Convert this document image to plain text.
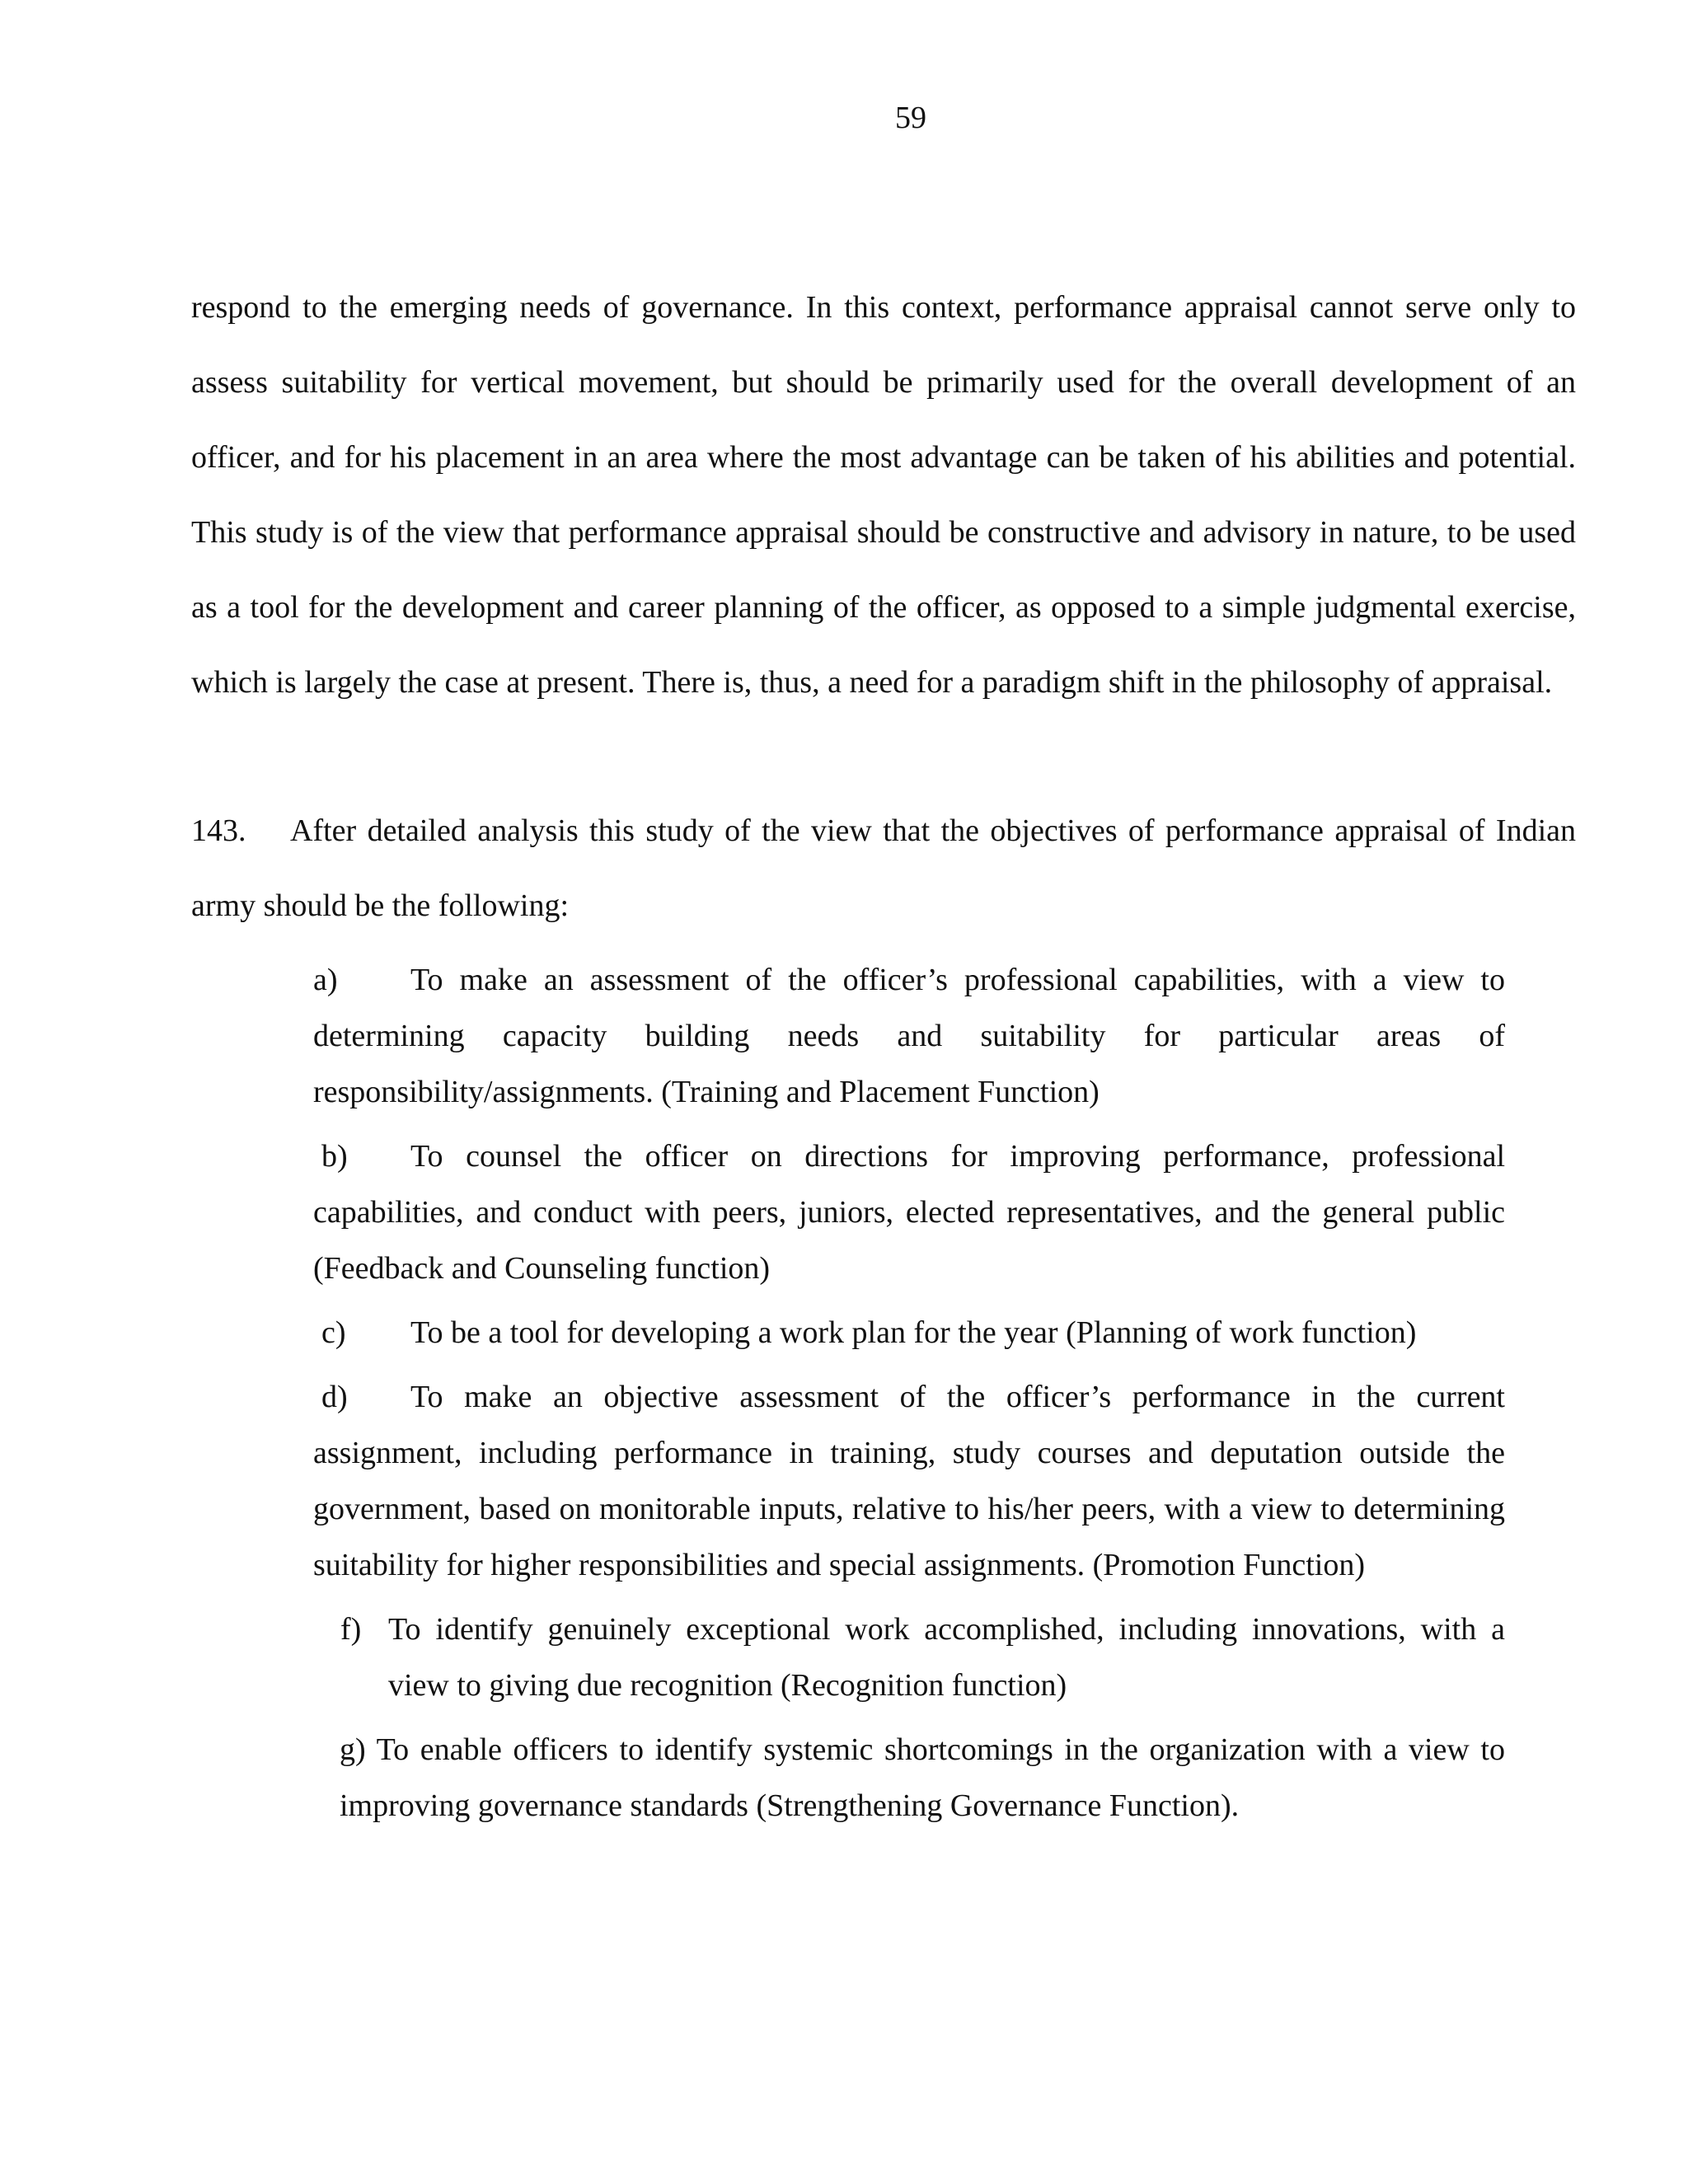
59

respond to the emerging needs of governance. In this context, performance appraisal cannot serve only to assess suitability for vertical movement, but should be primarily used for the overall development of an officer, and for his placement in an area where the most advantage can be taken of his abilities and potential. This study is of the view that performance appraisal should be constructive and advisory in nature, to be used as a tool for the development and career planning of the officer, as opposed to a simple judgmental exercise, which is largely the case at present. There is, thus, a need for a paradigm shift in the philosophy of appraisal.

143. After detailed analysis this study of the view that the objectives of performance appraisal of Indian army should be the following:

a) To make an assessment of the officer’s professional capabilities, with a view to determining capacity building needs and suitability for particular areas of responsibility/assignments. (Training and Placement Function)

b) To counsel the officer on directions for improving performance, professional capabilities, and conduct with peers, juniors, elected representatives, and the general public (Feedback and Counseling function)

c) To be a tool for developing a work plan for the year (Planning of work function)

d) To make an objective assessment of the officer’s performance in the current assignment, including performance in training, study courses and deputation outside the government, based on monitorable inputs, relative to his/her peers, with a view to determining suitability for higher responsibilities and special assignments. (Promotion Function)

f) To identify genuinely exceptional work accomplished, including innovations, with a view to giving due recognition (Recognition function)

g) To enable officers to identify systemic shortcomings in the organization with a view to improving governance standards (Strengthening Governance Function).
